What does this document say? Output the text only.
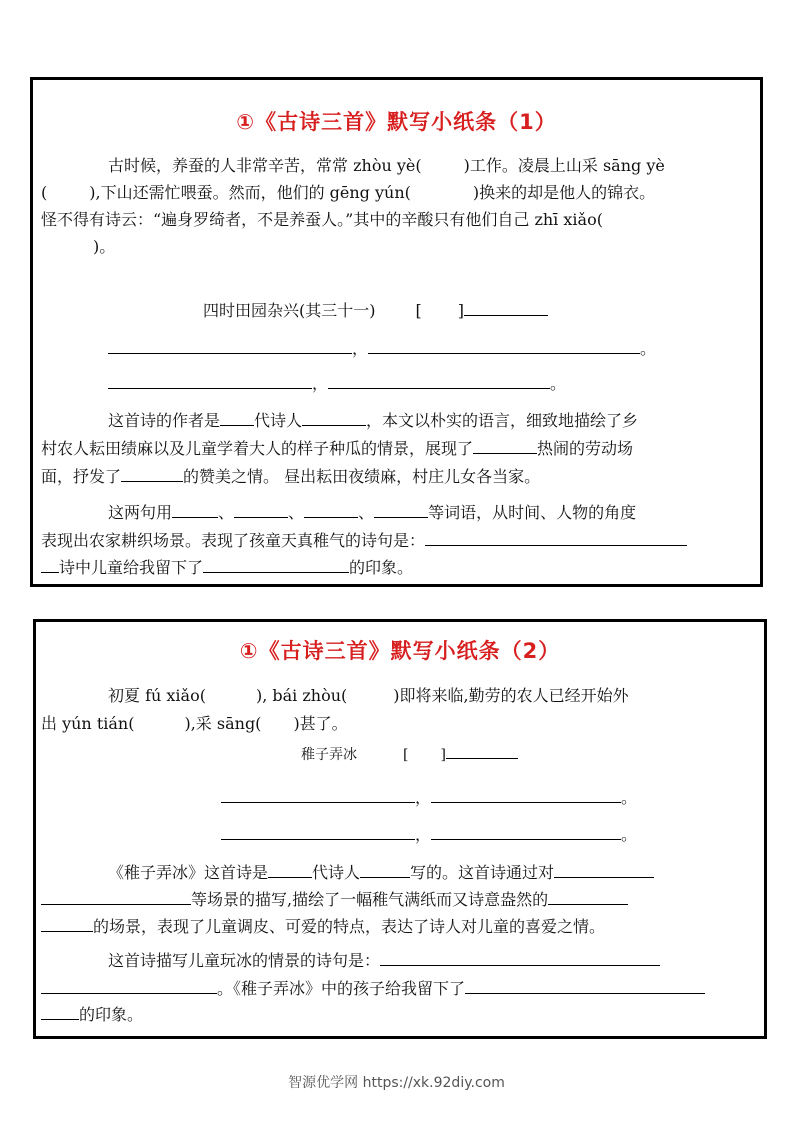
①《古诗三首》默写小纸条（1）
古时候，养蚕的人非常辛苦，常常 zhòu yè(	)工作。凌晨上山采 sāng yè
(	),下山还需忙喂蚕。然而，他们的 gēng yún(	)换来的却是他人的锦衣。
怪不得有诗云：“遍身罗绮者，不是养蚕人。”其中的辛酸只有他们自己 zhī xiǎo(
)。
四时田园杂兴(其三十一)	[ ]
，	。
，	。
这首诗的作者是 代诗人	，本文以朴实的语言，细致地描绘了乡
村农人耘田绩麻以及儿童学着大人的样子种瓜的情景，展现了	热闹的劳动场
面，抒发了	的赞美之情。 昼出耘田夜绩麻，村庄儿女各当家。
这两句用	、	、	、	等词语，从时间、人物的角度
表现出农家耕织场景。表现了孩童天真稚气的诗句是：
诗中儿童给我留下了	的印象。
①《古诗三首》默写小纸条（2）
初夏 fú xiǎo(	), bái zhòu(	)即将来临,勤劳的农人已经开始外
出 yún tián(	),采 sāng( )甚了。
稚子弄冰	[ ]
，	。
，	。
《稚子弄冰》这首诗是	代诗人	写的。这首诗通过对
等场景的描写,描绘了一幅稚气满纸而又诗意盎然的
的场景，表现了儿童调皮、可爱的特点，表达了诗人对儿童的喜爱之情。
这首诗描写儿童玩冰的情景的诗句是：
。《稚子弄冰》中的孩子给我留下了
的印象。
智源优学网 https://xk.92diy.com
